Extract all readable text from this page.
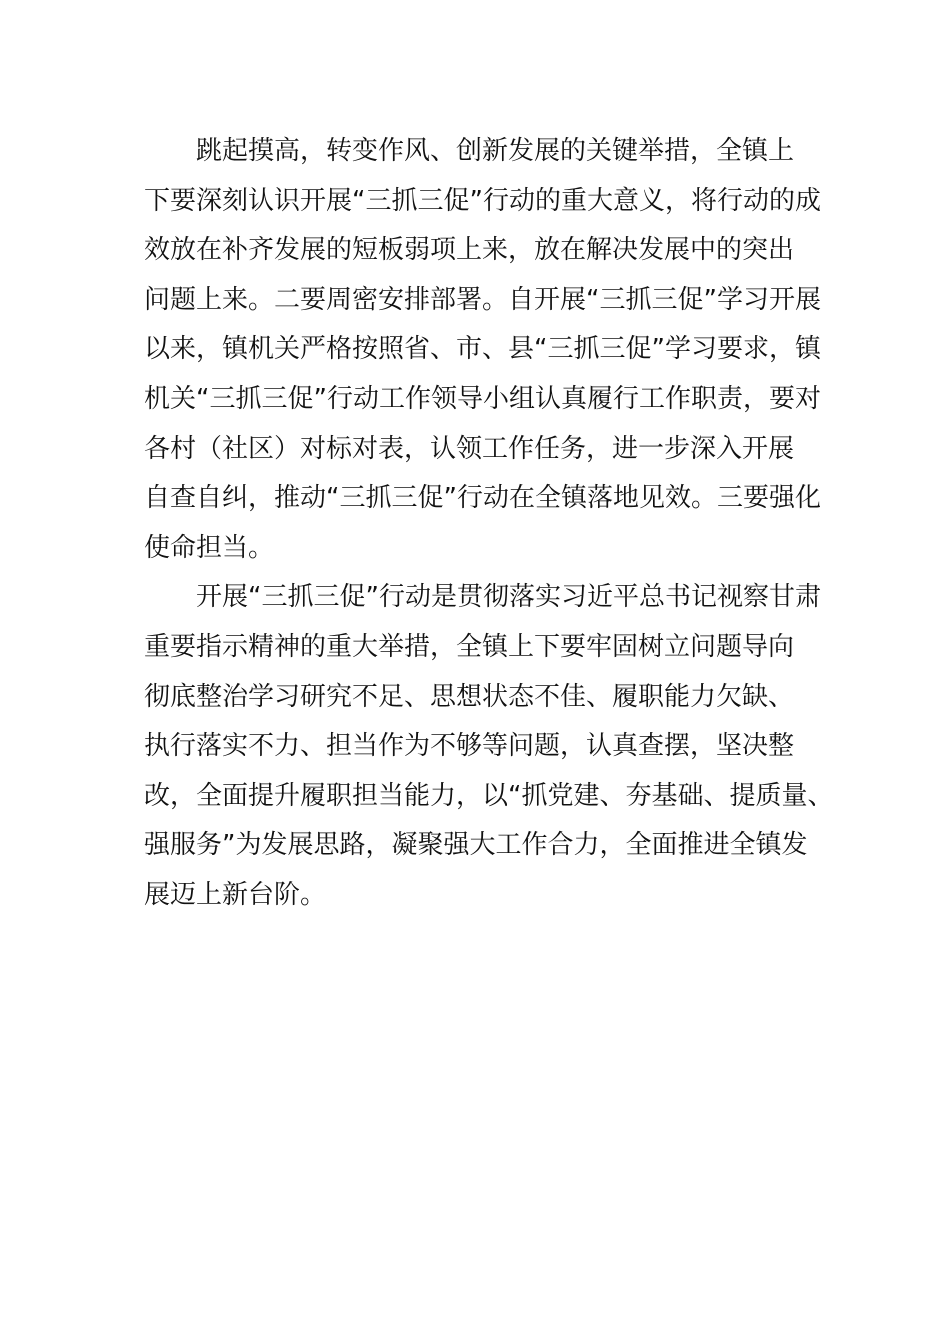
跳起摸高，转变作风、创新发展的关键举措，全镇上
下要深刻认识开展“三抓三促”行动的重大意义，将行动的成
效放在补齐发展的短板弱项上来，放在解决发展中的突出
问题上来。二要周密安排部署。自开展“三抓三促”学习开展
以来，镇机关严格按照省、市、县“三抓三促”学习要求，镇
机关“三抓三促”行动工作领导小组认真履行工作职责，要对
各村（社区）对标对表，认领工作任务，进一步深入开展
自查自纠，推动“三抓三促”行动在全镇落地见效。三要强化
使命担当。
开展“三抓三促”行动是贯彻落实习近平总书记视察甘肃
重要指示精神的重大举措，全镇上下要牢固树立问题导向
彻底整治学习研究不足、思想状态不佳、履职能力欠缺、
执行落实不力、担当作为不够等问题，认真查摆，坚决整
改，全面提升履职担当能力，以“抓党建、夯基础、提质量、
强服务”为发展思路，凝聚强大工作合力，全面推进全镇发
展迈上新台阶。
